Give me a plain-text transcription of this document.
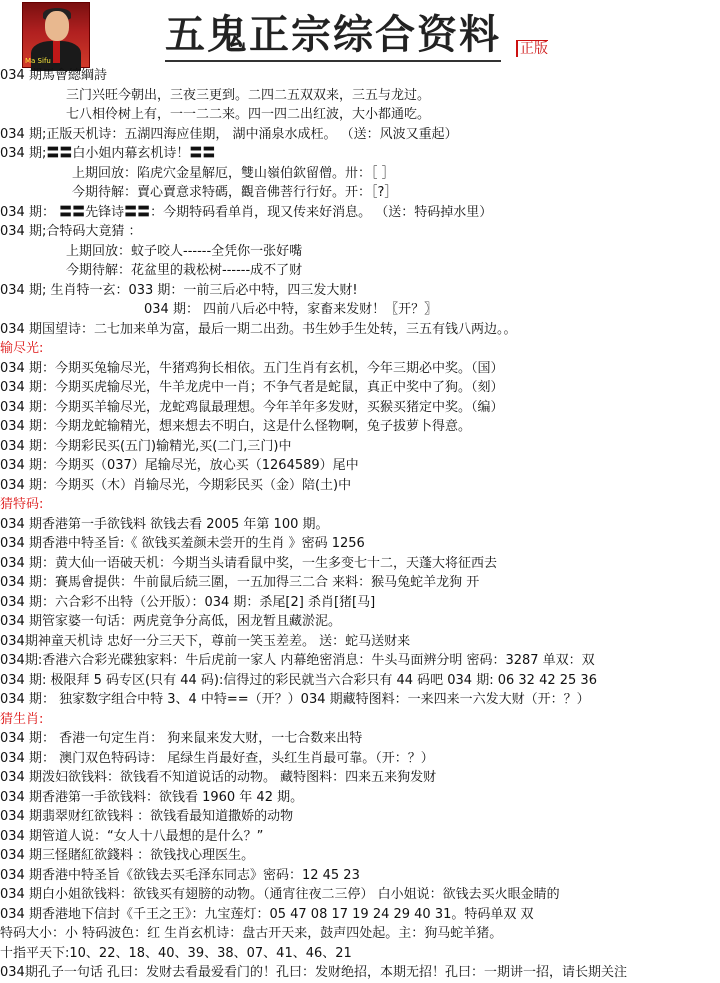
Ma Sifu
五鬼正宗综合资料 正版
034 期馬會總綱詩
三门兴旺今朝出，三夜三更到。二四二五双双来，三五与龙过。
七八相伶树上有，一一二二来。四一四二出红波，大小都通吃。
034 期;正版天机诗：五湖四海应佳期， 湖中涌泉水成枉。 （送：风波又重起）
034 期;〓〓白小姐内幕玄机诗！〓〓
上期回放：陷虎穴金星解厄，雙山嶺伯欽留僧。卅：［ ］
今期待解：賣心賣意求特碼，觀音佛菩行行好。开：［?］
034 期： 〓〓先锋诗〓〓：今期特码看单肖，现又传来好消息。 （送：特码掉水里）
034 期;合特码大竟猜 ：
上期回放：蚊子咬人------全凭你一张好嘴
今期待解：花盆里的栽松树------成不了财
034 期; 生肖特一玄：033 期：一前三后必中特，四三发大财!
034 期： 四前八后必中特，家畜来发财！〖开？〗
034 期国望诗：二七加来单为富，最后一期二出劲。书生妙手生处转，三五有钱八两边。。
输尽光:
034 期：今期买兔输尽光，牛猪鸡狗长相依。五门生肖有玄机，今年三期必中奖。（国）
034 期：今期买虎输尽光，牛羊龙虎中一肖；不争气者是蛇鼠，真正中奖中了狗。（刻）
034 期：今期买羊输尽光，龙蛇鸡鼠最理想。今年羊年多发财，买猴买猪定中奖。（编）
034 期：今期龙蛇输精光，想来想去不明白，这是什么怪物啊，兔子拔萝卜得意。
034 期：今期彩民买(五门)输精光,买(二门,三门)中
034 期：今期买（037）尾输尽光，放心买（1264589）尾中
034 期：今期买（木）肖输尽光，今期彩民买（金）陪(土)中
猜特码:
034 期香港第一手欲钱料 欲钱去看 2005 年第 100 期。
034 期香港中特圣旨:《 欲钱买羞颜未尝开的生肖 》密码 1256
034 期：黄大仙一语破天机：今期当头请看鼠中奖，一生多变七十二，天蓬大将征西去
034 期：賽馬會提供：牛前鼠后続三圍，一五加得三二合 来料：猴马兔蛇羊龙狗 开
034 期：六合彩不出特（公开版）：034 期：杀尾[2] 杀肖[猪[马]
034 期管家婆一句话：两虎竟争分高低，困龙暂且藏淤泥。
034期神童天机诗 忠好一分三天下，尊前一笑玉差差。 送：蛇马送财来
034期:香港六合彩光碟独家料：牛后虎前一家人 内幕绝密消息：牛头马面辨分明 密码：3287 单双：双
034 期: 极限拜 5 码专区(只有 44 码):信得过的彩民就当六合彩只有 44 码吧 034 期: 06 32 42 25 36
034 期： 独家数字组合中特 3、4 中特==（开？）034 期藏特图料：一来四来一六发大财（开：？）
猜生肖:
034 期： 香港一句定生肖： 狗来鼠来发大财，一七合数来出特
034 期： 澳门双色特码诗： 尾绿生肖最好查，头红生肖最可靠。（开：？）
034 期泼妇欲钱料：欲钱看不知道说话的动物。 藏特图料：四来五来狗发财
034 期香港第一手欲钱料：欲钱看 1960 年 42 期。
034 期翡翠财红欲钱料 ：欲钱看最知道撒娇的动物
034 期管道人说：“女人十八最想的是什么？”
034 期三怪賭紅欲錢料 ：欲钱找心理医生。
034 期香港中特圣旨《欲钱去买毛泽东同志》密码：12 45 23
034 期白小姐欲钱料：欲钱买有翅膀的动物。（通宵往夜二三停） 白小姐说：欲钱去买火眼金睛的
034 期香港地下信封《千王之王》：九宝莲灯：05 47 08 17 19 24 29 40 31。特码单双 双
特码大小：小 特码波色：红 生肖玄机诗：盘古开天来，鼓声四处起。主：狗马蛇羊猪。
十指平天下:10、22、18、40、39、38、07、41、46、21
034期孔子一句话 孔曰：发财去看最爱看门的！孔曰：发财绝招，本期无招！孔曰：一期讲一招，请长期关注
